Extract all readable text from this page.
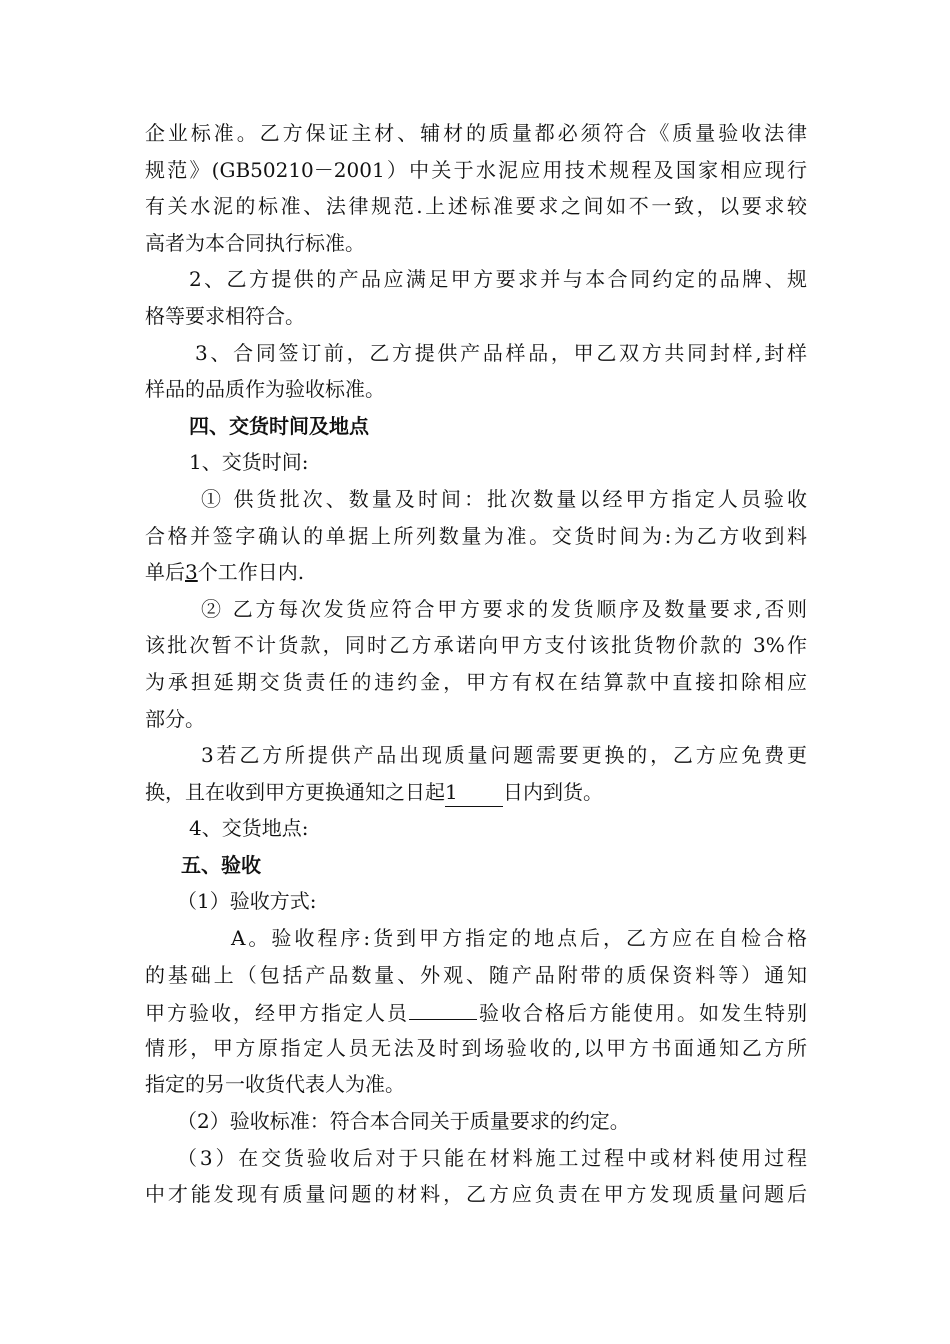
企业标准。乙方保证主材、辅材的质量都必须符合《质量验收法律
规范》(GB50210－2001）中关于水泥应用技术规程及国家相应现行
有关水泥的标准、法律规范.上述标准要求之间如不一致，以要求较
高者为本合同执行标准。
2、乙方提供的产品应满足甲方要求并与本合同约定的品牌、规
格等要求相符合。
3、合同签订前，乙方提供产品样品，甲乙双方共同封样,封样
样品的品质作为验收标准。
四、交货时间及地点
1、交货时间:
① 供货批次、数量及时间：批次数量以经甲方指定人员验收
合格并签字确认的单据上所列数量为准。交货时间为:为乙方收到料
单后3个工作日内.
② 乙方每次发货应符合甲方要求的发货顺序及数量要求,否则
该批次暂不计货款，同时乙方承诺向甲方支付该批货物价款的 3%作
为承担延期交货责任的违约金，甲方有权在结算款中直接扣除相应
部分。
3若乙方所提供产品出现质量问题需要更换的，乙方应免费更
换，且在收到甲方更换通知之日起1 日内到货。
4、交货地点:
五、验收
（1）验收方式:
A。验收程序:货到甲方指定的地点后，乙方应在自检合格
的基础上（包括产品数量、外观、随产品附带的质保资料等）通知
甲方验收，经甲方指定人员	验收合格后方能使用。如发生特别
情形，甲方原指定人员无法及时到场验收的,以甲方书面通知乙方所
指定的另一收货代表人为准。
（2）验收标准：符合本合同关于质量要求的约定。
（3）在交货验收后对于只能在材料施工过程中或材料使用过程
中才能发现有质量问题的材料，乙方应负责在甲方发现质量问题后
